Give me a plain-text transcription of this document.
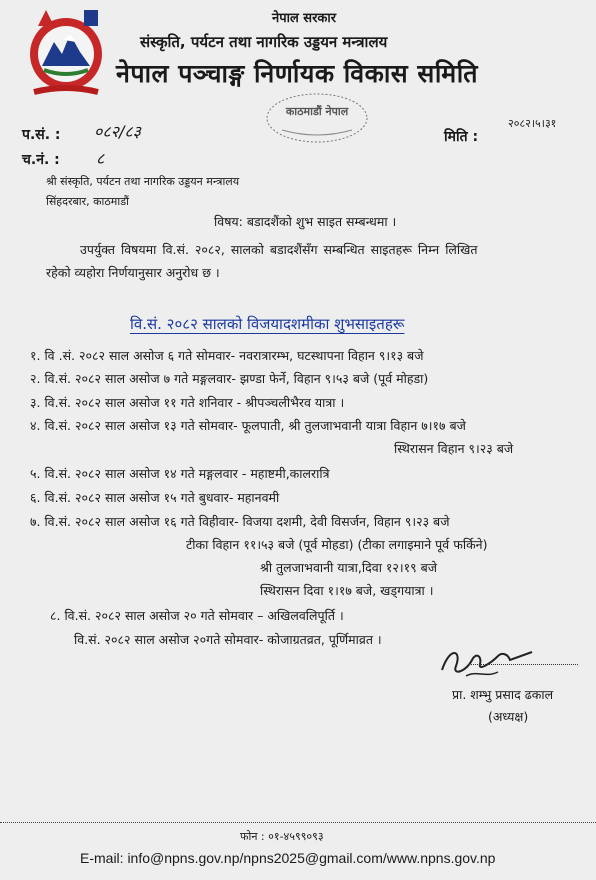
नेपाल सरकार
संस्कृति, पर्यटन तथा नागरिक उड्डयन मन्त्रालय
नेपाल पञ्चाङ्ग निर्णायक विकास समिति
काठमाडौं नेपाल
२०८२।५।३१
प.सं. : ०८२/८३	मिति :
च.नं. : ८
श्री संस्कृति, पर्यटन तथा नागरिक उड्डयन मन्त्रालय
सिंहदरबार, काठमाडौं
विषय: बडादशैंको शुभ साइत सम्बन्धमा ।
उपर्युक्त विषयमा वि.सं. २०८२, सालको बडादशैंसँग सम्बन्धित साइतहरू निम्न लिखित
रहेको व्यहोरा निर्णयानुसार अनुरोध छ ।
वि.सं. २०८२ सालको विजयादशमीका शुभसाइतहरू
१. वि .सं. २०८२ साल असोज ६ गते सोमवार- नवरात्रारम्भ, घटस्थापना विहान ९।१३ बजे
२. वि.सं. २०८२ साल असोज ७ गते मङ्गलवार- झण्डा फेर्ने, विहान ९।५३ बजे (पूर्व मोहडा)
३. वि.सं. २०८२ साल असोज ११ गते शनिवार - श्रीपञ्चलीभैरव यात्रा ।
४. वि.सं. २०८२ साल असोज १३ गते सोमवार- फूलपाती, श्री तुलजाभवानी यात्रा विहान ७।१७ बजे
स्थिरासन विहान ९।२३ बजे
५. वि.सं. २०८२ साल असोज १४ गते मङ्गलवार - महाष्टमी,कालरात्रि
६. वि.सं. २०८२ साल असोज १५ गते बुधवार- महानवमी
७. वि.सं. २०८२ साल असोज १६ गते विहीवार- विजया दशमी, देवी विसर्जन, विहान ९।२३ बजे
टीका विहान ११।५३ बजे (पूर्व मोहडा) (टीका लगाइमाने पूर्व फर्किने)
श्री तुलजाभवानी यात्रा,दिवा १२।१९ बजे
स्थिरासन दिवा १।१७ बजे, खड्गयात्रा ।
८. वि.सं. २०८२ साल असोज २० गते सोमवार – अखिलवलिपूर्ति ।
वि.सं. २०८२ साल असोज २०गते सोमवार- कोजाग्रतव्रत, पूर्णिमाव्रत ।
प्रा. शम्भु प्रसाद ढकाल
(अध्यक्ष)
फोन : ०१-४५९९०९३
E-mail: info@npns.gov.np/npns2025@gmail.com/www.npns.gov.np
